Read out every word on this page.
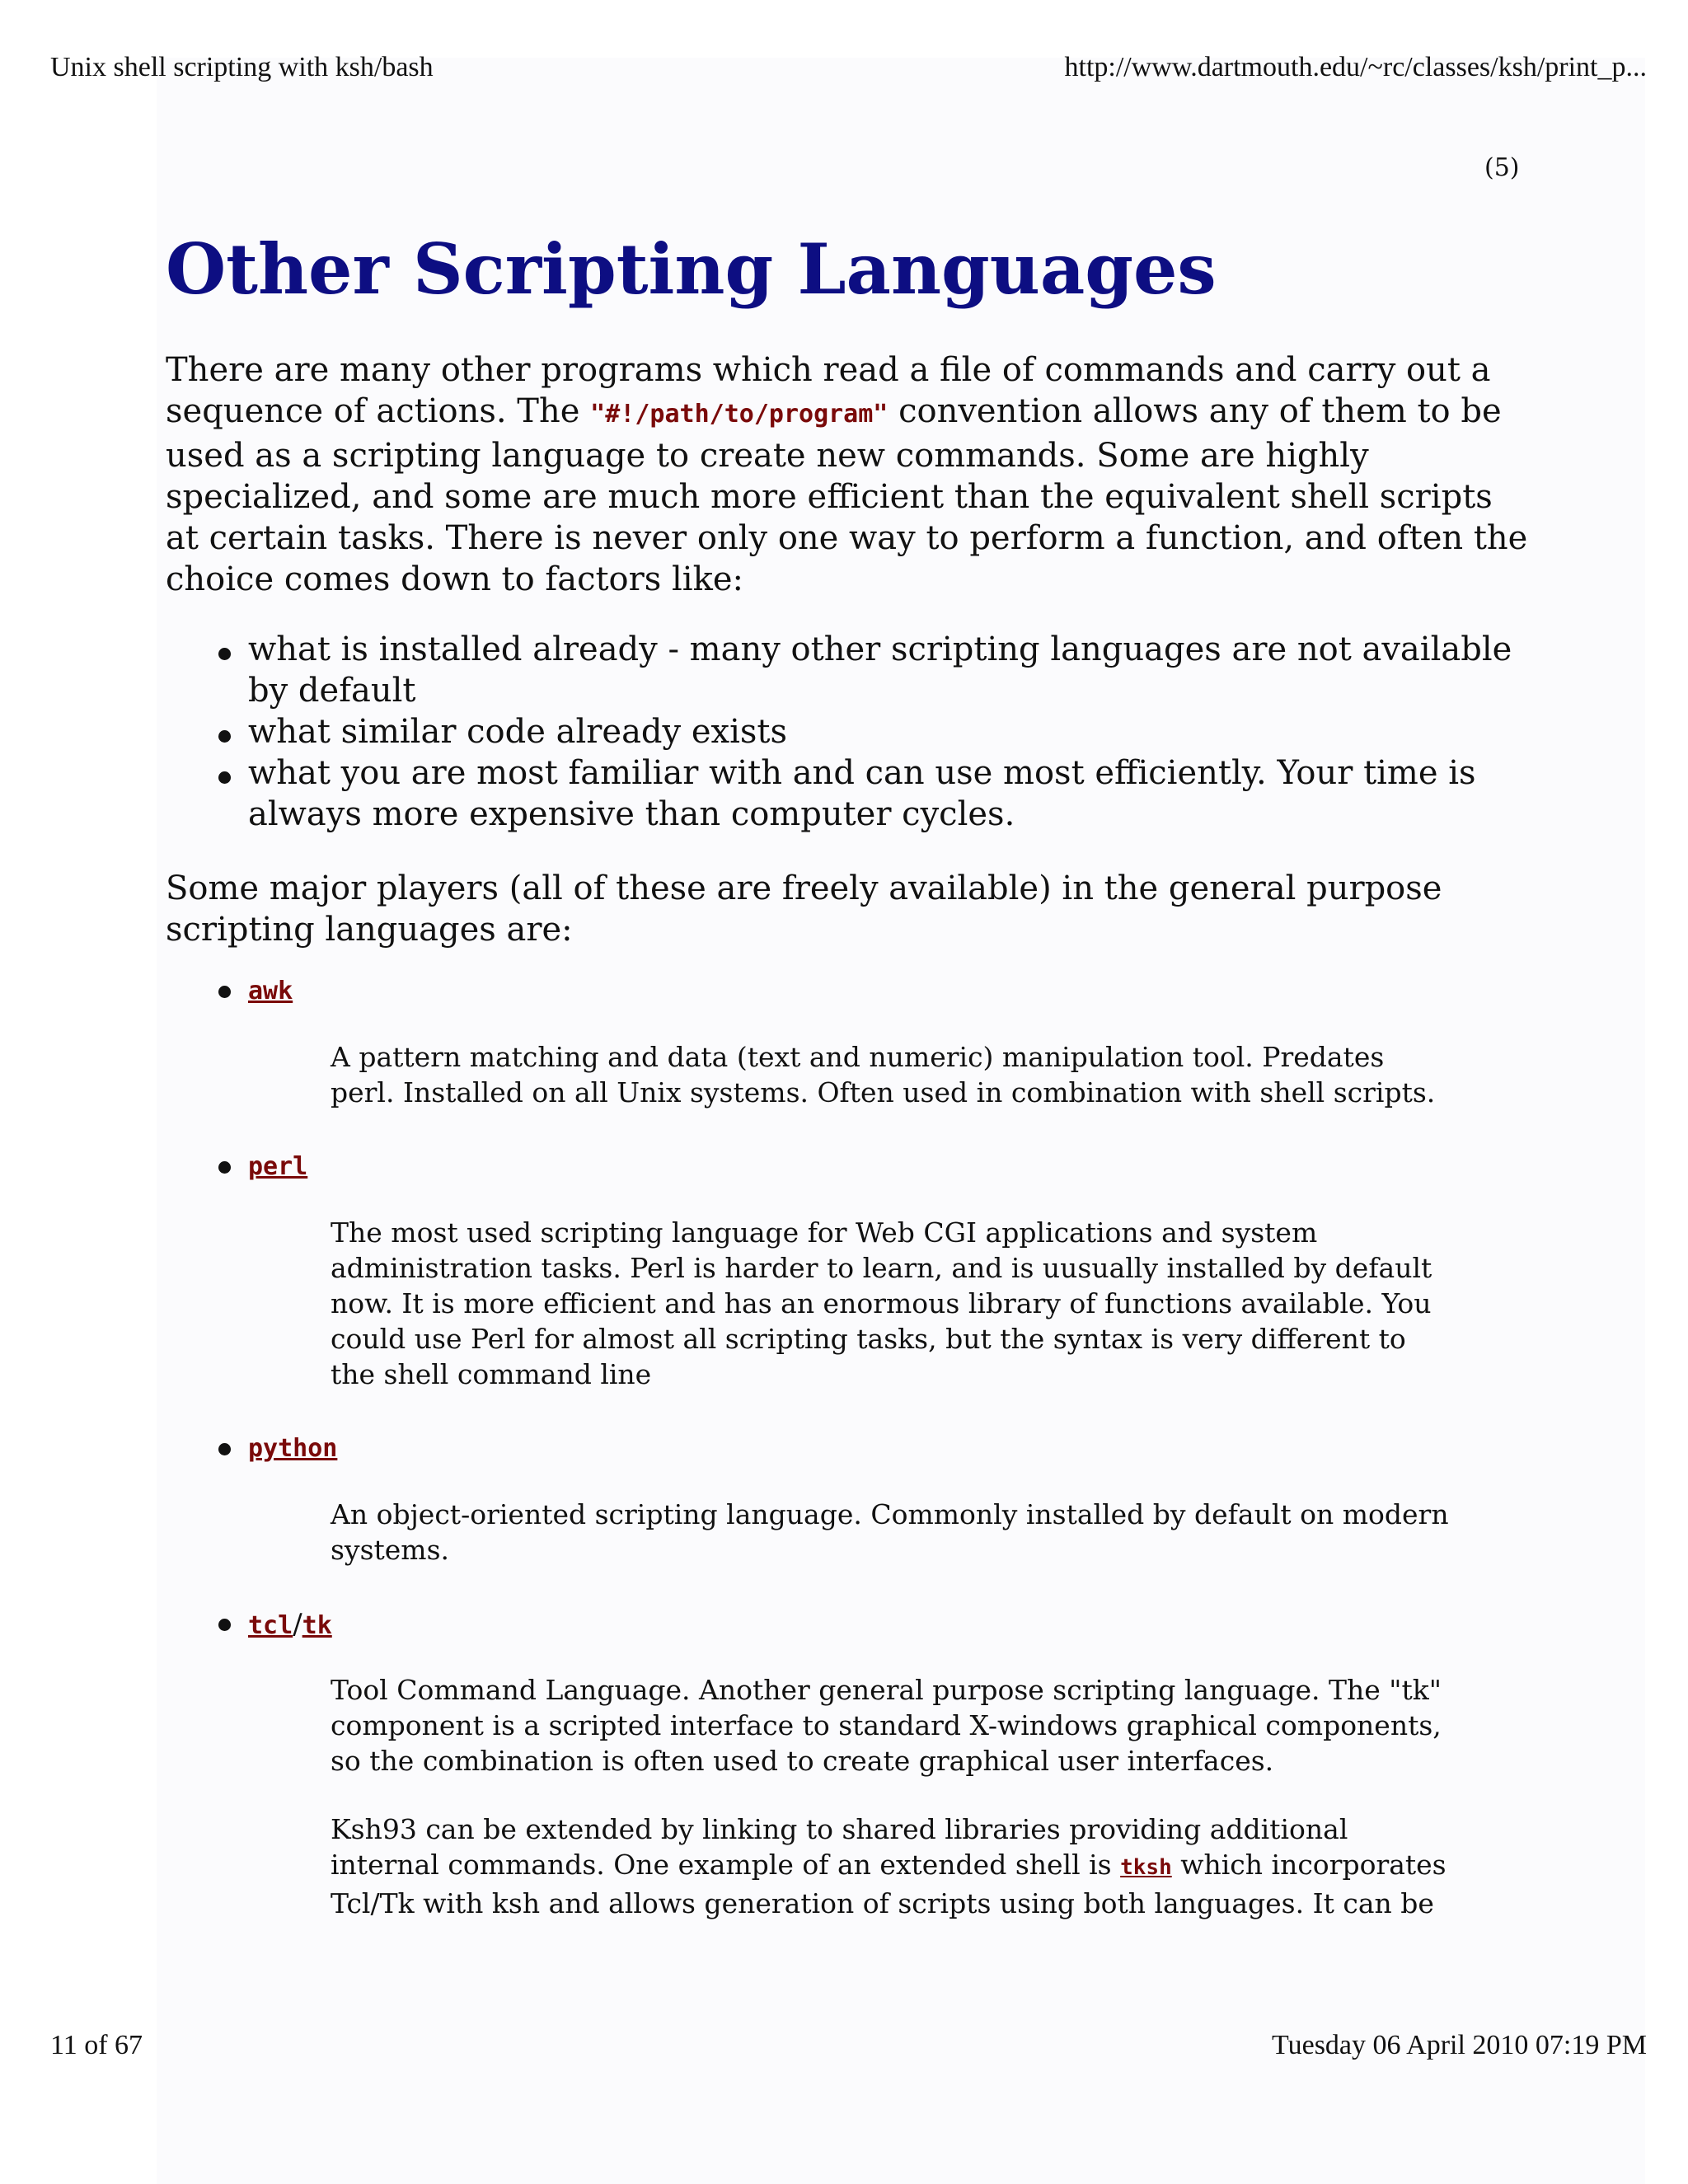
Unix shell scripting with ksh/bash	http://www.dartmouth.edu/~rc/classes/ksh/print_p...
(5)
Other Scripting Languages

There are many other programs which read a file of commands and carry out a sequence of actions. The "#!/path/to/program" convention allows any of them to be used as a scripting language to create new commands. Some are highly specialized, and some are much more efficient than the equivalent shell scripts at certain tasks. There is never only one way to perform a function, and often the choice comes down to factors like:

what is installed already - many other scripting languages are not available by default
what similar code already exists
what you are most familiar with and can use most efficiently. Your time is always more expensive than computer cycles.

Some major players (all of these are freely available) in the general purpose scripting languages are:

awk
A pattern matching and data (text and numeric) manipulation tool. Predates perl. Installed on all Unix systems. Often used in combination with shell scripts.
perl
The most used scripting language for Web CGI applications and system administration tasks. Perl is harder to learn, and is uusually installed by default now. It is more efficient and has an enormous library of functions available. You could use Perl for almost all scripting tasks, but the syntax is very different to the shell command line
python
An object-oriented scripting language. Commonly installed by default on modern systems.
tcl/tk
Tool Command Language. Another general purpose scripting language. The "tk" component is a scripted interface to standard X-windows graphical components, so the combination is often used to create graphical user interfaces.
Ksh93 can be extended by linking to shared libraries providing additional internal commands. One example of an extended shell is tksh which incorporates Tcl/Tk with ksh and allows generation of scripts using both languages. It can be
11 of 67	Tuesday 06 April 2010 07:19 PM
